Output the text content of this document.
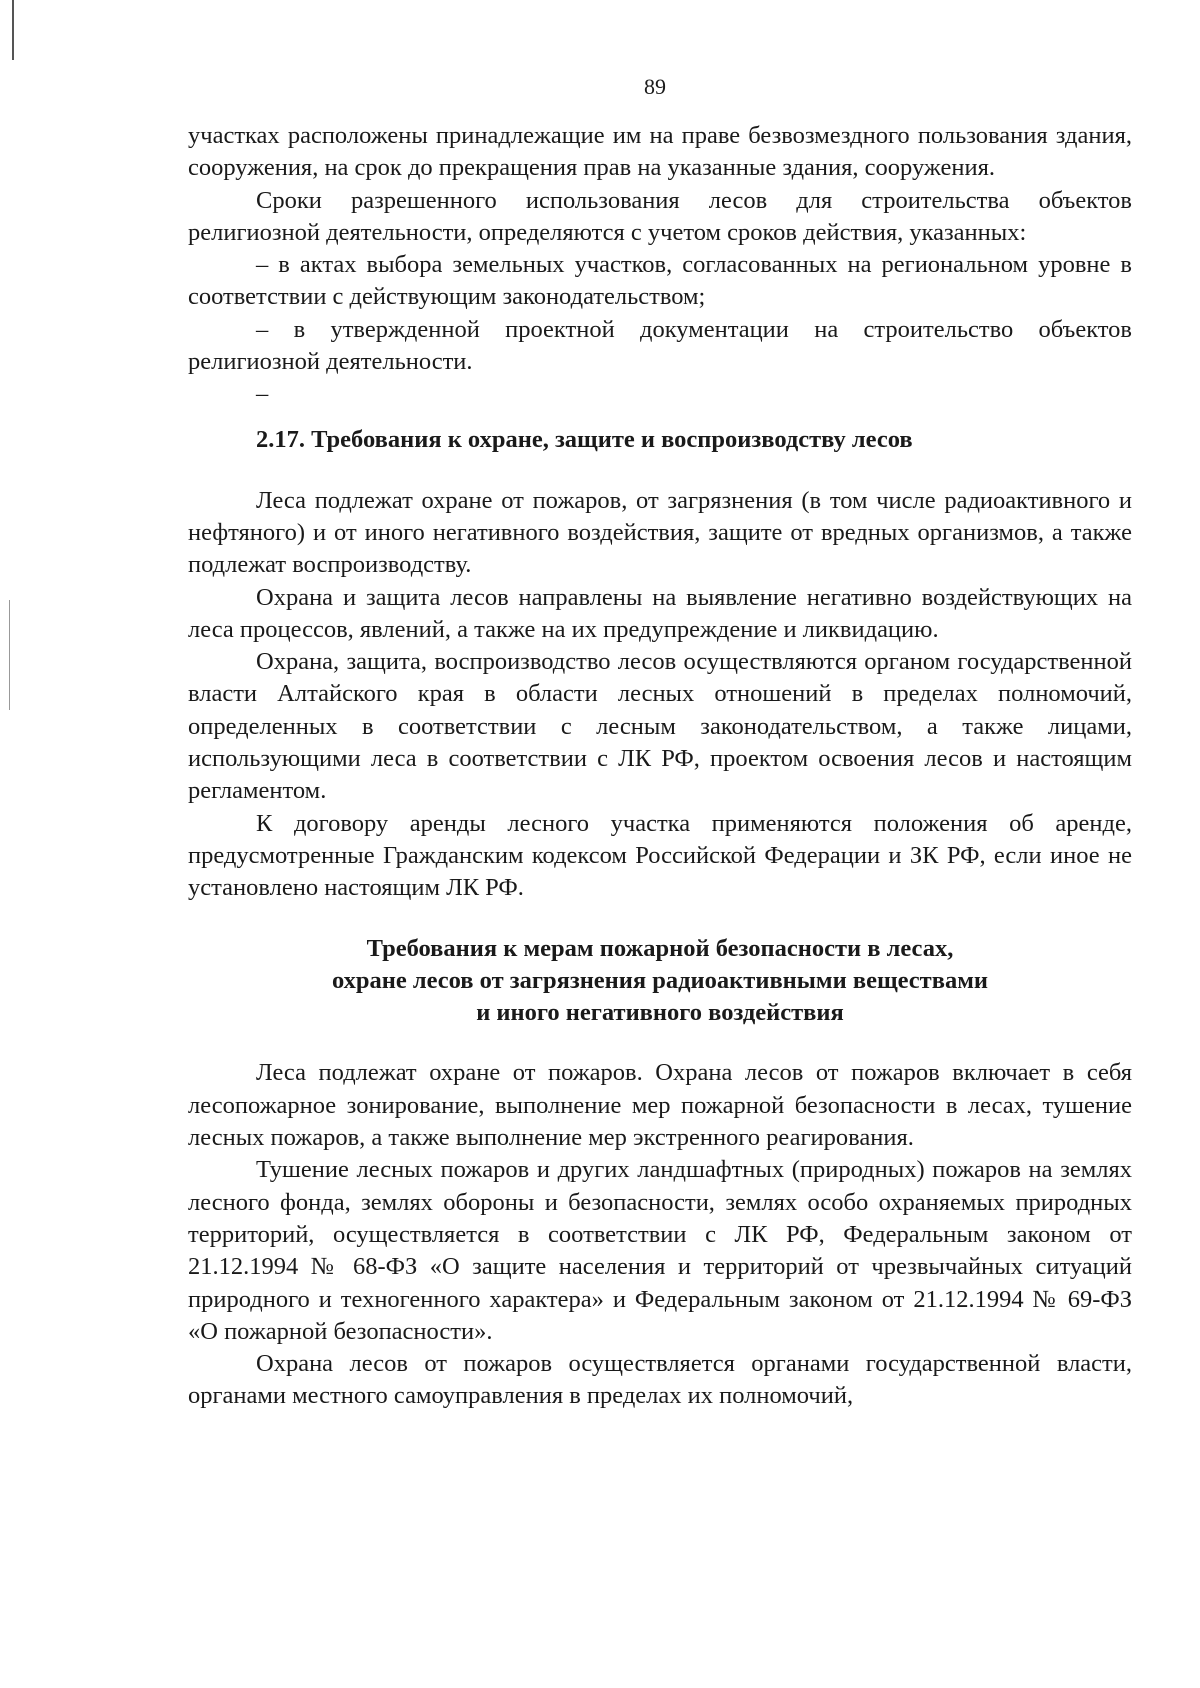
89

участках расположены принадлежащие им на праве безвозмездного пользования здания, сооружения, на срок до прекращения прав на указанные здания, сооружения.

Сроки разрешенного использования лесов для строительства объектов религиозной деятельности, определяются с учетом сроков действия, указанных:

– в актах выбора земельных участков, согласованных на региональном уровне в соответствии с действующим законодательством;

– в утвержденной проектной документации на строительство объектов религиозной деятельности.

–
2.17. Требования к охране, защите и воспроизводству лесов

Леса подлежат охране от пожаров, от загрязнения (в том числе радиоактивного и нефтяного) и от иного негативного воздействия, защите от вредных организмов, а также подлежат воспроизводству.

Охрана и защита лесов направлены на выявление негативно воздействующих на леса процессов, явлений, а также на их предупреждение и ликвидацию.

Охрана, защита, воспроизводство лесов осуществляются органом государственной власти Алтайского края в области лесных отношений в пределах полномочий, определенных в соответствии с лесным законодательством, а также лицами, использующими леса в соответствии с ЛК РФ, проектом освоения лесов и настоящим регламентом.

К договору аренды лесного участка применяются положения об аренде, предусмотренные Гражданским кодексом Российской Федерации и ЗК РФ, если иное не установлено настоящим ЛК РФ.

Требования к мерам пожарной безопасности в лесах,
охране лесов от загрязнения радиоактивными веществами
и иного негативного воздействия

Леса подлежат охране от пожаров. Охрана лесов от пожаров включает в себя лесопожарное зонирование, выполнение мер пожарной безопасности в лесах, тушение лесных пожаров, а также выполнение мер экстренного реагирования.

Тушение лесных пожаров и других ландшафтных (природных) пожаров на землях лесного фонда, землях обороны и безопасности, землях особо охраняемых природных территорий, осуществляется в соответствии с ЛК РФ, Федеральным законом от 21.12.1994 № 68-ФЗ «О защите населения и территорий от чрезвычайных ситуаций природного и техногенного характера» и Федеральным законом от 21.12.1994 № 69-ФЗ «О пожарной безопасности».

Охрана лесов от пожаров осуществляется органами государственной власти, органами местного самоуправления в пределах их полномочий,
